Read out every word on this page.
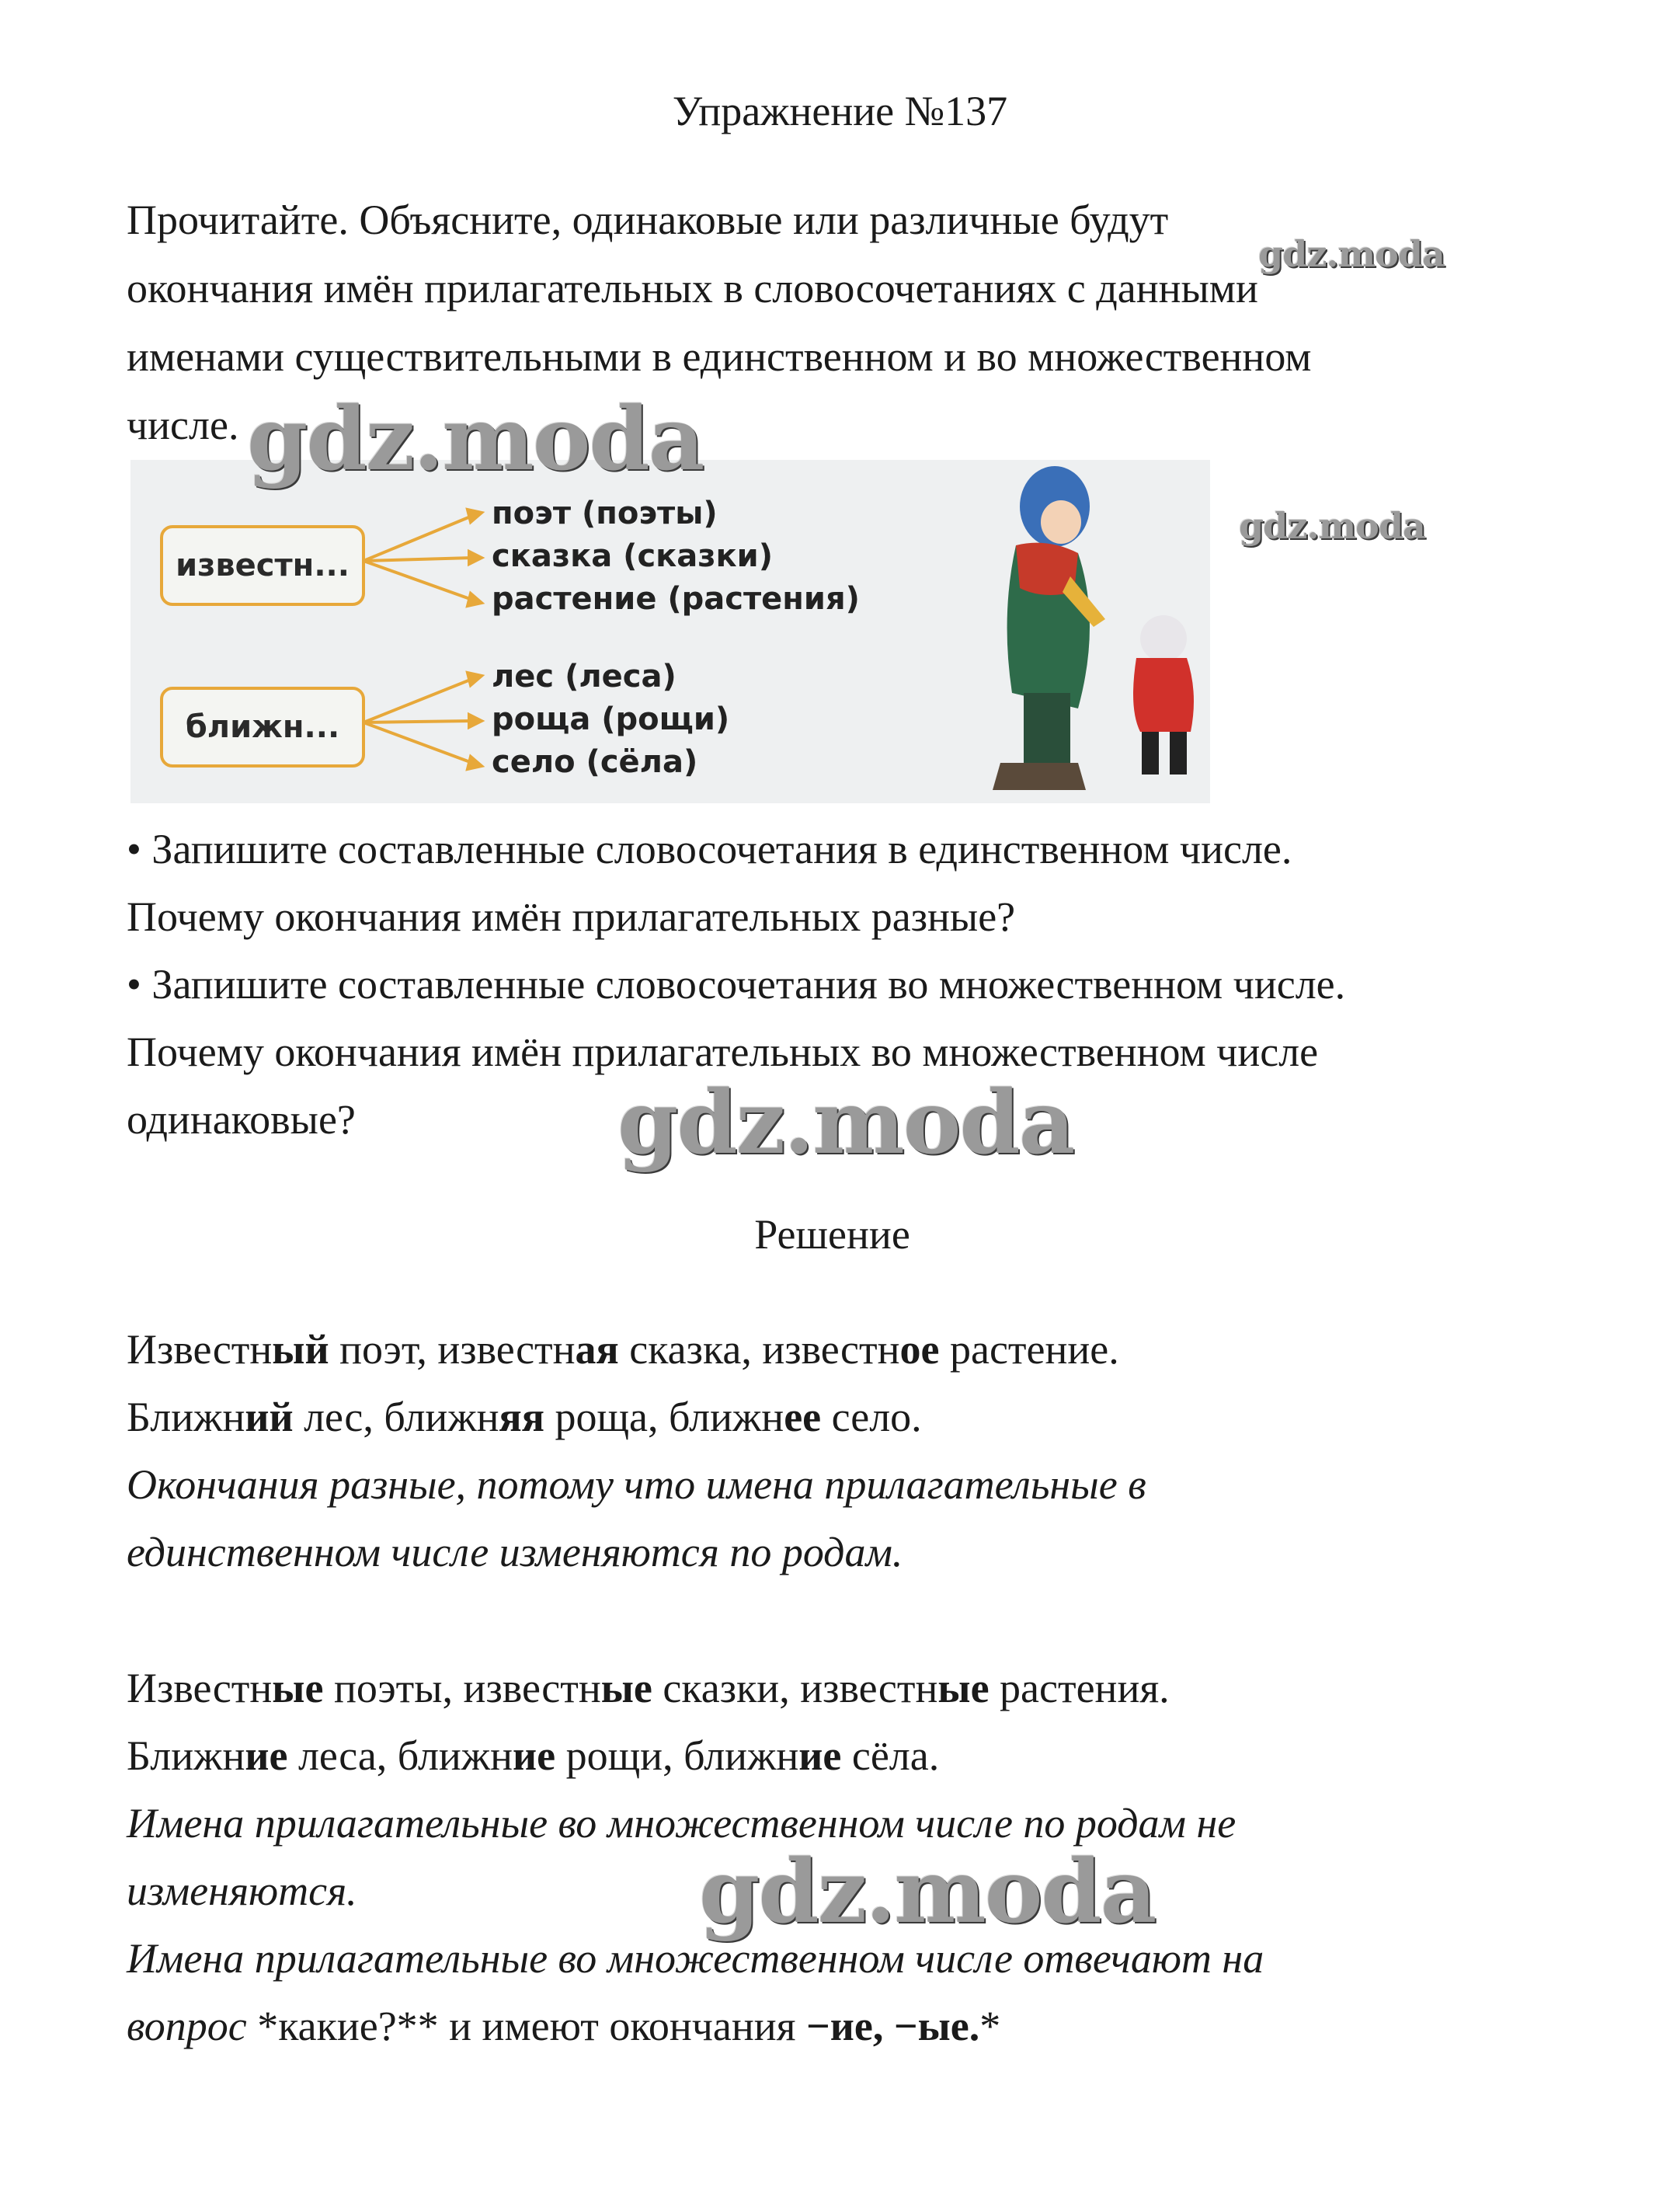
Упражнение №137
Прочитайте. Объясните, одинаковые или различные будут
окончания имён прилагательных в словосочетаниях с данными
именами существительными в единственном и во множественном
числе.
известн...
поэт (поэты)
сказка (сказки)
растение (растения)
ближн...
лес (леса)
роща (рощи)
село (сёла)
• Запишите составленные словосочетания в единственном числе.
Почему окончания имён прилагательных разные?
• Запишите составленные словосочетания во множественном числе.
Почему окончания имён прилагательных во множественном числе
одинаковые?
Решение
Известный поэт, известная сказка, известное растение.
Ближний лес, ближняя роща, ближнее село.
Окончания разные, потому что имена прилагательные в
единственном числе изменяются по родам.
Известные поэты, известные сказки, известные растения.
Ближние леса, ближние рощи, ближние сёла.
Имена прилагательные во множественном числе по родам не
изменяются.
Имена прилагательные во множественном числе отвечают на
вопрос *какие?** и имеют окончания −ие, −ые.*
gdz.moda
gdz.moda
gdz.moda
gdz.moda
gdz.moda
